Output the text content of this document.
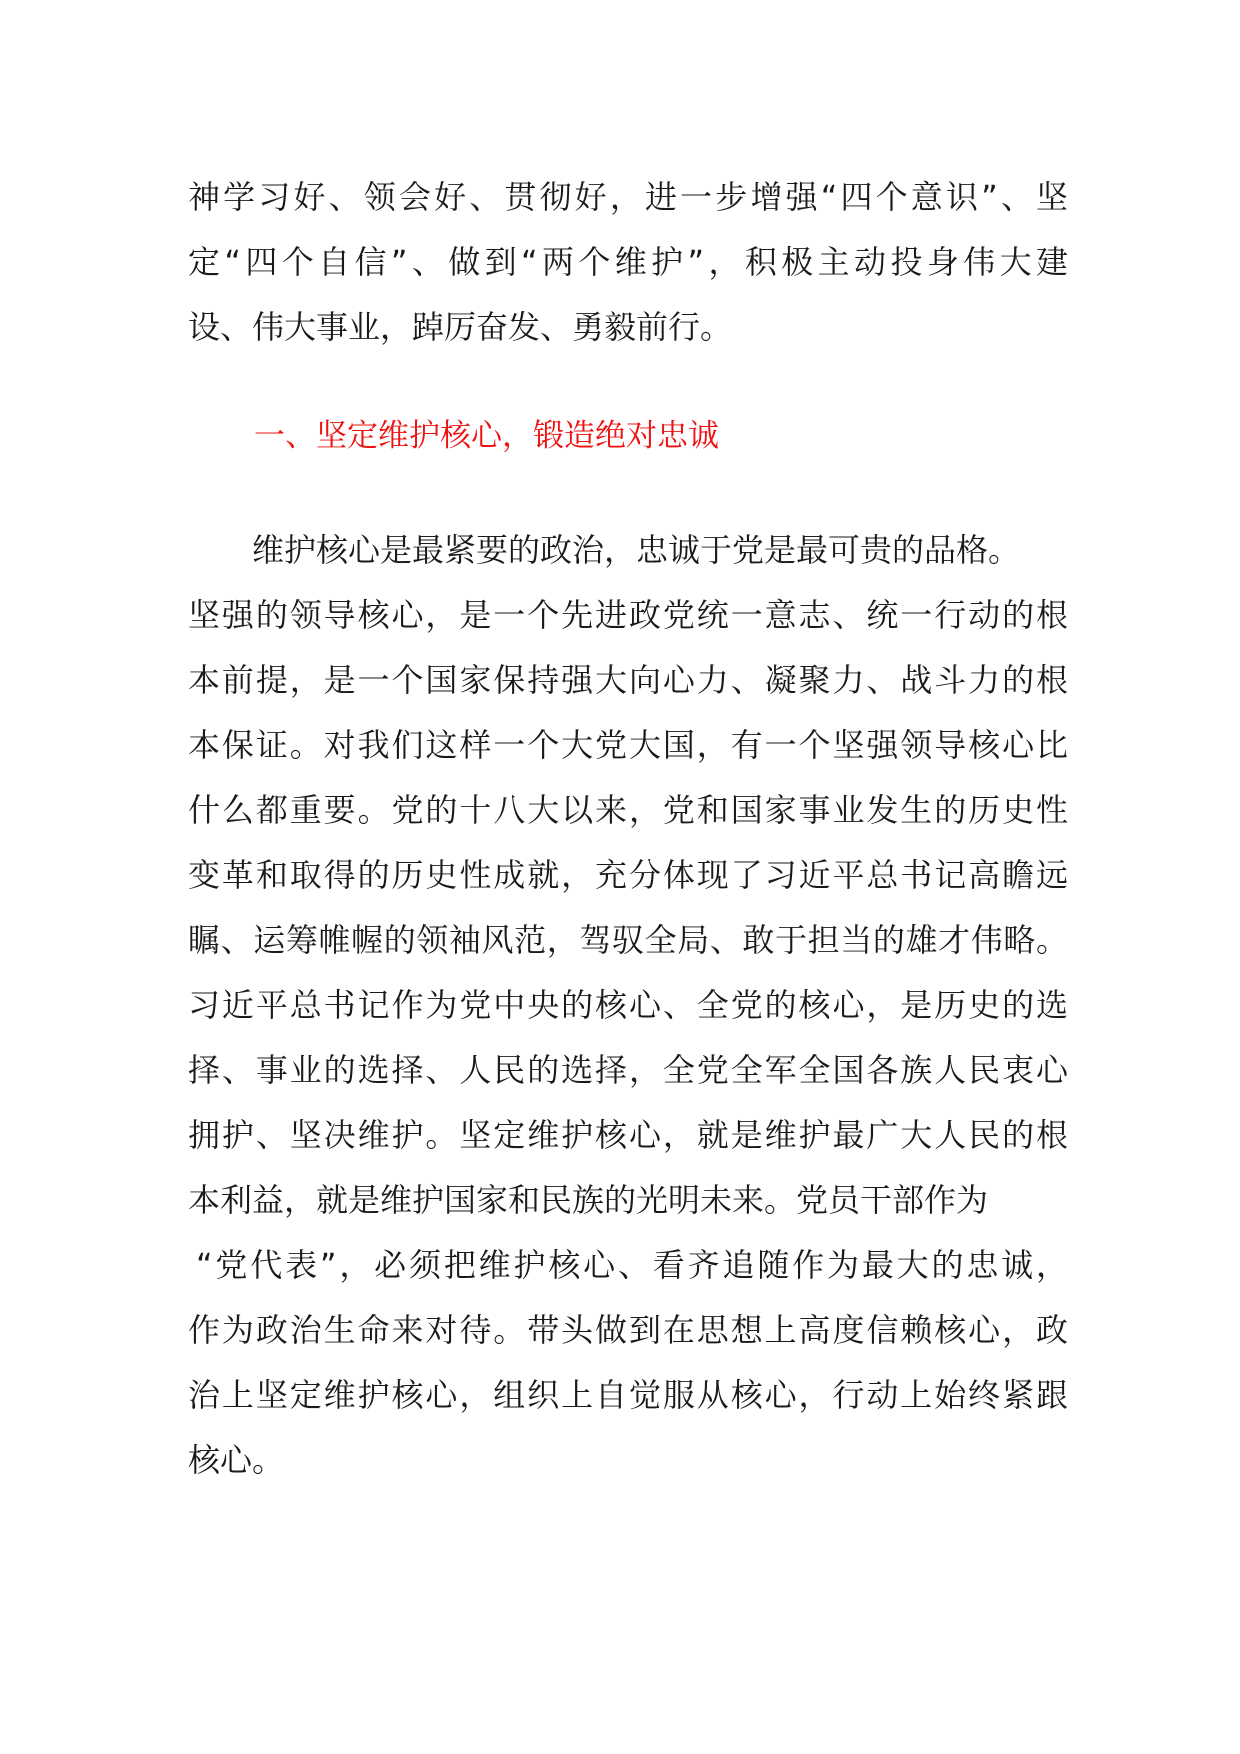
神学习好、领会好、贯彻好，进一步增强“四个意识”、坚
定“四个自信”、做到“两个维护”，积极主动投身伟大建
设、伟大事业，踔厉奋发、勇毅前行。
一、坚定维护核心，锻造绝对忠诚
维护核心是最紧要的政治，忠诚于党是最可贵的品格。
坚强的领导核心，是一个先进政党统一意志、统一行动的根
本前提，是一个国家保持强大向心力、凝聚力、战斗力的根
本保证。对我们这样一个大党大国，有一个坚强领导核心比
什么都重要。党的十八大以来，党和国家事业发生的历史性
变革和取得的历史性成就，充分体现了习近平总书记高瞻远
瞩、运筹帷幄的领袖风范，驾驭全局、敢于担当的雄才伟略。
习近平总书记作为党中央的核心、全党的核心，是历史的选
择、事业的选择、人民的选择，全党全军全国各族人民衷心
拥护、坚决维护。坚定维护核心，就是维护最广大人民的根
本利益，就是维护国家和民族的光明未来。党员干部作为
“党代表”，必须把维护核心、看齐追随作为最大的忠诚，
作为政治生命来对待。带头做到在思想上高度信赖核心，政
治上坚定维护核心，组织上自觉服从核心，行动上始终紧跟
核心。
